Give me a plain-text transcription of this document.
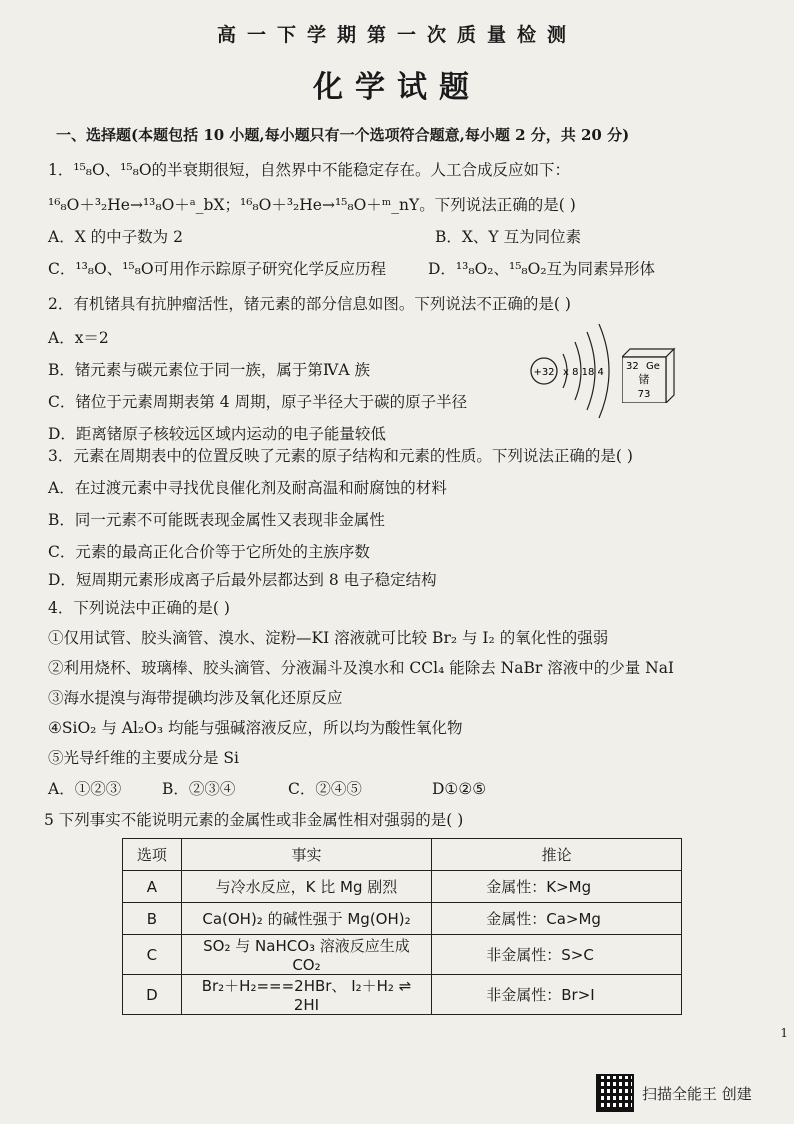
高一下学期第一次质量检测
化学试题
一、选择题(本题包括 10 小题,每小题只有一个选项符合题意,每小题 2 分，共 20 分)
1．¹⁵₈O、¹⁵₈O的半衰期很短，自然界中不能稳定存在。人工合成反应如下：
¹⁶₈O＋³₂He→¹³₈O＋ᵃ_bX；¹⁶₈O＋³₂He→¹⁵₈O＋ᵐ_nY。下列说法正确的是( )
A．X 的中子数为 2	B．X、Y 互为同位素
C．¹³₈O、¹⁵₈O可用作示踪原子研究化学反应历程	D．¹³₈O₂、¹⁵₈O₂互为同素异形体
2．有机锗具有抗肿瘤活性，锗元素的部分信息如图。下列说法不正确的是( )
A．x＝2
B．锗元素与碳元素位于同一族，属于第ⅣA 族
C．锗位于元素周期表第 4 周期，原子半径大于碳的原子半径
D．距离锗原子核较远区域内运动的电子能量较低
+32 x 8 18 4
32 Ge
锗
73
3．元素在周期表中的位置反映了元素的原子结构和元素的性质。下列说法正确的是( )
A．在过渡元素中寻找优良催化剂及耐高温和耐腐蚀的材料
B．同一元素不可能既表现金属性又表现非金属性
C．元素的最高正化合价等于它所处的主族序数
D．短周期元素形成离子后最外层都达到 8 电子稳定结构
4．下列说法中正确的是( )
①仅用试管、胶头滴管、溴水、淀粉—KI 溶液就可比较 Br₂ 与 I₂ 的氧化性的强弱
②利用烧杯、玻璃棒、胶头滴管、分液漏斗及溴水和 CCl₄ 能除去 NaBr 溶液中的少量 NaI
③海水提溴与海带提碘均涉及氧化还原反应
④SiO₂ 与 Al₂O₃ 均能与强碱溶液反应，所以均为酸性氧化物
⑤光导纤维的主要成分是 Si
A．①②③	B．②③④	C．②④⑤	D①②⑤
5 下列事实不能说明元素的金属性或非金属性相对强弱的是( )
选项	事实	推论
A	与冷水反应，K 比 Mg 剧烈	金属性：K>Mg
B	Ca(OH)₂ 的碱性强于 Mg(OH)₂	金属性：Ca>Mg
C	SO₂ 与 NaHCO₃ 溶液反应生成 CO₂	非金属性：S>C
D	Br₂＋H₂===2HBr、 I₂＋H₂ ⇌ 2HI	非金属性：Br>I
1
扫描全能王 创建
